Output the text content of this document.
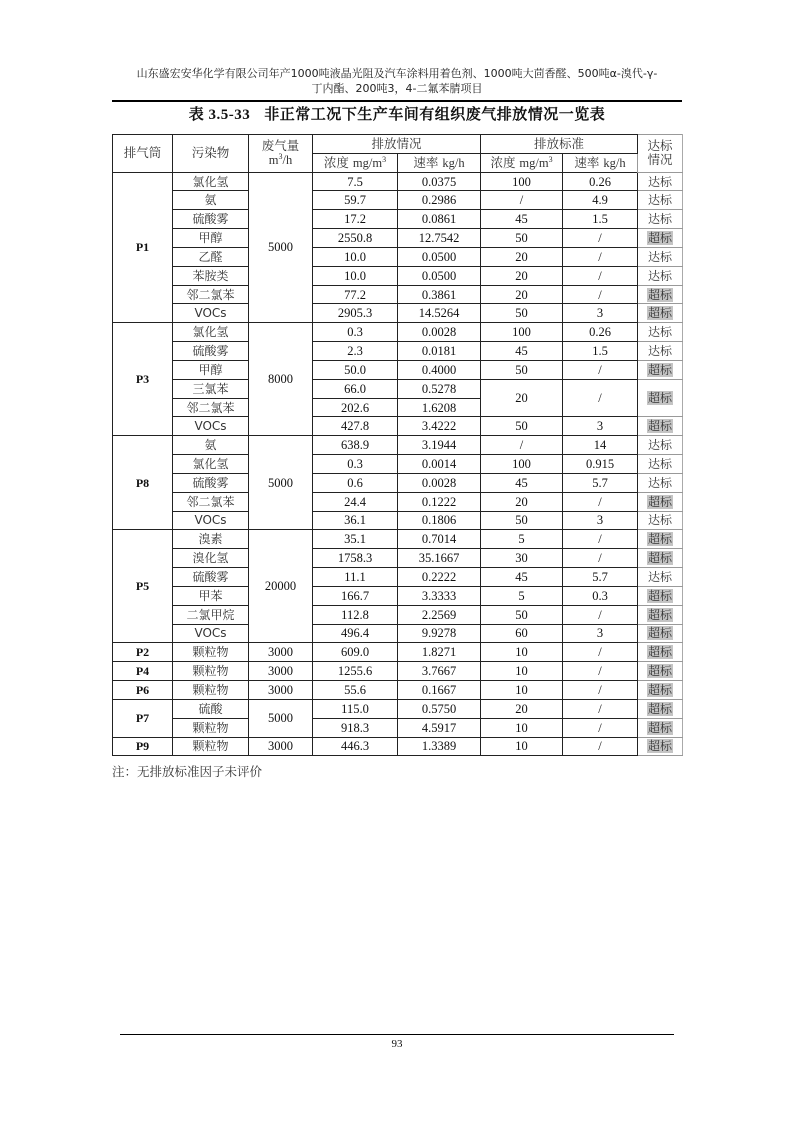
山东盛宏安华化学有限公司年产1000吨液晶光阻及汽车涂料用着色剂、1000吨大茴香醛、500吨α-溴代-γ-
丁内酯、200吨3，4-二氟苯腈项目
表 3.5-33 非正常工况下生产车间有组织废气排放情况一览表
排气筒	污染物	废气量
$m^3/h$
	排放情况	排放标准	达标
情况

			浓度 $mg/m^3$	速率 kg/h	浓度 $mg/m^3$	速率 kg/h	
P1	氯化氢	5000	7.5	0.0375	100	0.26	达标
	氨		59.7	0.2986	/	4.9	达标
	硫酸雾		17.2	0.0861	45	1.5	达标
	甲醇		2550.8	12.7542	50	/	超标
	乙醛		10.0	0.0500	20	/	达标
	苯胺类		10.0	0.0500	20	/	达标
	邻二氯苯		77.2	0.3861	20	/	超标
	VOCs		2905.3	14.5264	50	3	超标
P3	氯化氢	8000	0.3	0.0028	100	0.26	达标
	硫酸雾		2.3	0.0181	45	1.5	达标
	甲醇		50.0	0.4000	50	/	超标
	三氯苯		66.0	0.5278	20	/	超标
	邻二氯苯		202.6	1.6208			
	VOCs		427.8	3.4222	50	3	超标
P8	氨	5000	638.9	3.1944	/	14	达标
	氯化氢		0.3	0.0014	100	0.915	达标
	硫酸雾		0.6	0.0028	45	5.7	达标
	邻二氯苯		24.4	0.1222	20	/	超标
	VOCs		36.1	0.1806	50	3	达标
P5	溴素	20000	35.1	0.7014	5	/	超标
	溴化氢		1758.3	35.1667	30	/	超标
	硫酸雾		11.1	0.2222	45	5.7	达标
	甲苯		166.7	3.3333	5	0.3	超标
	二氯甲烷		112.8	2.2569	50	/	超标
	VOCs		496.4	9.9278	60	3	超标
P2	颗粒物	3000	609.0	1.8271	10	/	超标
P4	颗粒物	3000	1255.6	3.7667	10	/	超标
P6	颗粒物	3000	55.6	0.1667	10	/	超标
P7	硫酸	5000	115.0	0.5750	20	/	超标
	颗粒物		918.3	4.5917	10	/	超标
P9	颗粒物	3000	446.3	1.3389	10	/	超标
注：无排放标准因子未评价
93
